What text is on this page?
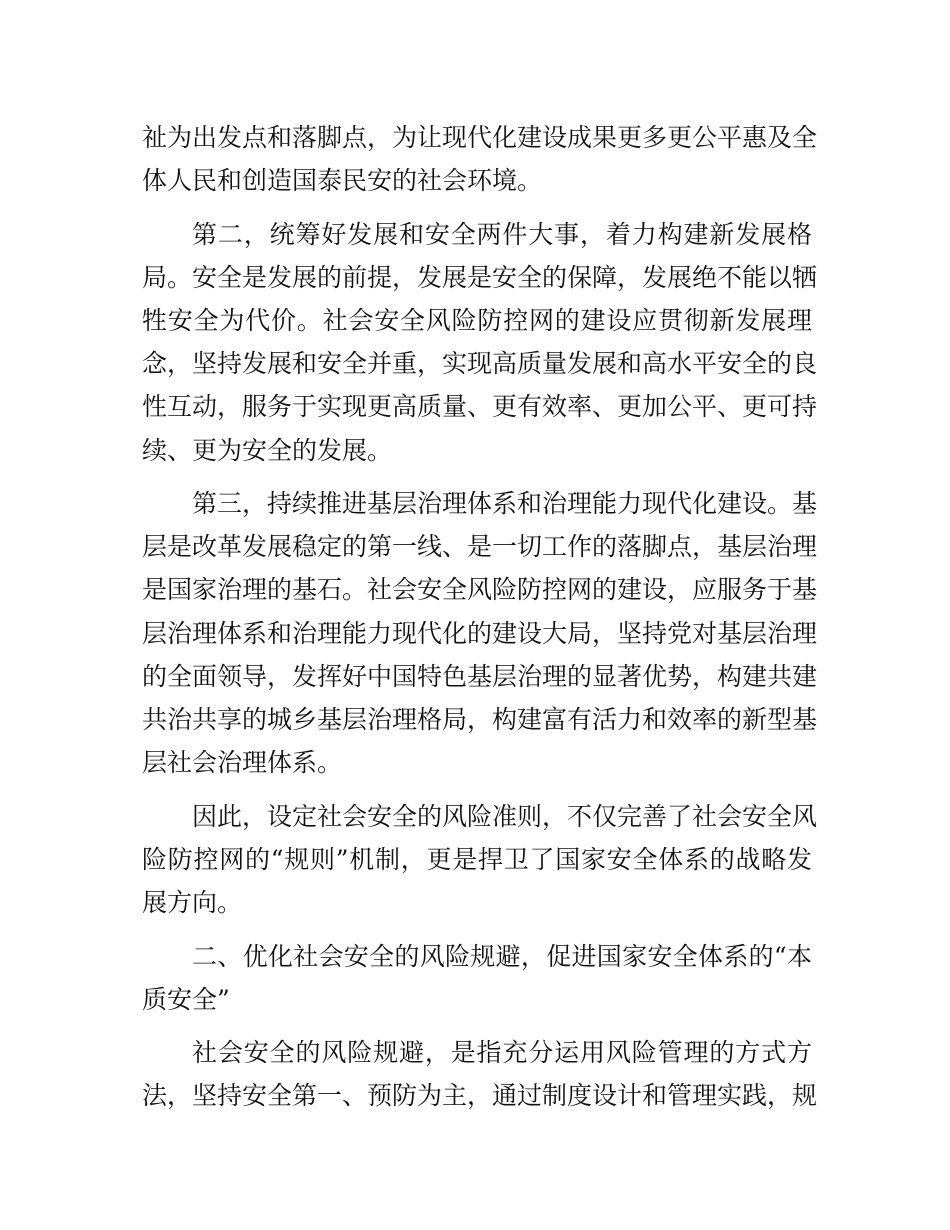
祉为出发点和落脚点，为让现代化建设成果更多更公平惠及全
体人民和创造国泰民安的社会环境。
第二，统筹好发展和安全两件大事，着力构建新发展格
局。安全是发展的前提，发展是安全的保障，发展绝不能以牺
牲安全为代价。社会安全风险防控网的建设应贯彻新发展理
念，坚持发展和安全并重，实现高质量发展和高水平安全的良
性互动，服务于实现更高质量、更有效率、更加公平、更可持
续、更为安全的发展。
第三，持续推进基层治理体系和治理能力现代化建设。基
层是改革发展稳定的第一线、是一切工作的落脚点，基层治理
是国家治理的基石。社会安全风险防控网的建设，应服务于基
层治理体系和治理能力现代化的建设大局，坚持党对基层治理
的全面领导，发挥好中国特色基层治理的显著优势，构建共建
共治共享的城乡基层治理格局，构建富有活力和效率的新型基
层社会治理体系。
因此，设定社会安全的风险准则，不仅完善了社会安全风
险防控网的“规则”机制，更是捍卫了国家安全体系的战略发
展方向。
二、优化社会安全的风险规避，促进国家安全体系的“本
质安全”
社会安全的风险规避，是指充分运用风险管理的方式方
法，坚持安全第一、预防为主，通过制度设计和管理实践，规
